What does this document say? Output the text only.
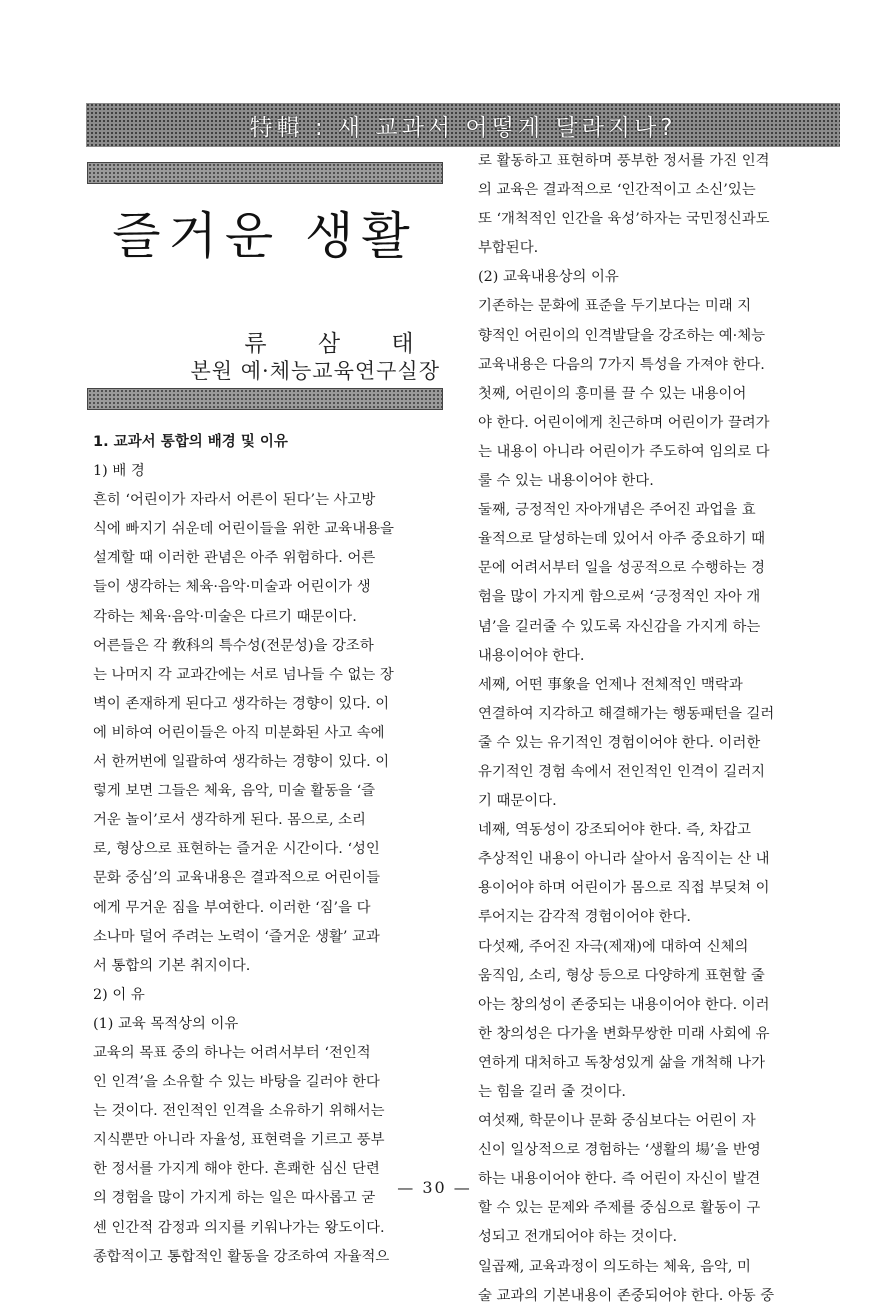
特輯 : 새 교과서 어떻게 달라지나?
즐거운 생활
류 삼 태
본원 예·체능교육연구실장

1. 교과서 통합의 배경 및 이유

1) 배 경

흔히 ‘어린이가 자라서 어른이 된다’는 사고방

식에 빠지기 쉬운데 어린이들을 위한 교육내용을

설계할 때 이러한 관념은 아주 위험하다. 어른

들이 생각하는 체육·음악·미술과 어린이가 생

각하는 체육·음악·미술은 다르기 때문이다.

어른들은 각 敎科의 특수성(전문성)을 강조하

는 나머지 각 교과간에는 서로 넘나들 수 없는 장

벽이 존재하게 된다고 생각하는 경향이 있다. 이

에 비하여 어린이들은 아직 미분화된 사고 속에

서 한꺼번에 일괄하여 생각하는 경향이 있다. 이

렇게 보면 그들은 체육, 음악, 미술 활동을 ‘즐

거운 놀이’로서 생각하게 된다. 몸으로, 소리

로, 형상으로 표현하는 즐거운 시간이다. ‘성인

문화 중심’의 교육내용은 결과적으로 어린이들

에게 무거운 짐을 부여한다. 이러한 ‘짐’을 다

소나마 덜어 주려는 노력이 ‘즐거운 생활’ 교과

서 통합의 기본 취지이다.

2) 이 유

(1) 교육 목적상의 이유

교육의 목표 중의 하나는 어려서부터 ‘전인적

인 인격’을 소유할 수 있는 바탕을 길러야 한다

는 것이다. 전인적인 인격을 소유하기 위해서는

지식뿐만 아니라 자율성, 표현력을 기르고 풍부

한 정서를 가지게 해야 한다. 흔쾌한 심신 단련

의 경험을 많이 가지게 하는 일은 따사롭고 굳

센 인간적 감정과 의지를 키워나가는 왕도이다.

종합적이고 통합적인 활동을 강조하여 자율적으

로 활동하고 표현하며 풍부한 정서를 가진 인격

의 교육은 결과적으로 ‘인간적이고 소신’있는

또 ‘개척적인 인간을 육성’하자는 국민정신과도

부합된다.

(2) 교육내용상의 이유

기존하는 문화에 표준을 두기보다는 미래 지

향적인 어린이의 인격발달을 강조하는 예·체능

교육내용은 다음의 7가지 특성을 가져야 한다.

첫째, 어린이의 흥미를 끌 수 있는 내용이어

야 한다. 어린이에게 친근하며 어린이가 끌려가

는 내용이 아니라 어린이가 주도하여 임의로 다

룰 수 있는 내용이어야 한다.

둘째, 긍정적인 자아개념은 주어진 과업을 효

율적으로 달성하는데 있어서 아주 중요하기 때

문에 어려서부터 일을 성공적으로 수행하는 경

험을 많이 가지게 함으로써 ‘긍정적인 자아 개

념’을 길러줄 수 있도록 자신감을 가지게 하는

내용이어야 한다.

세째, 어떤 事象을 언제나 전체적인 맥락과

연결하여 지각하고 해결해가는 행동패턴을 길러

줄 수 있는 유기적인 경험이어야 한다. 이러한

유기적인 경험 속에서 전인적인 인격이 길러지

기 때문이다.

네째, 역동성이 강조되어야 한다. 즉, 차갑고

추상적인 내용이 아니라 살아서 움직이는 산 내

용이어야 하며 어린이가 몸으로 직접 부딪쳐 이

루어지는 감각적 경험이어야 한다.

다섯째, 주어진 자극(제재)에 대하여 신체의

움직임, 소리, 형상 등으로 다양하게 표현할 줄

아는 창의성이 존중되는 내용이어야 한다. 이러

한 창의성은 다가올 변화무쌍한 미래 사회에 유

연하게 대처하고 독창성있게 삶을 개척해 나가

는 힘을 길러 줄 것이다.

여섯째, 학문이나 문화 중심보다는 어린이 자

신이 일상적으로 경험하는 ‘생활의 場’을 반영

하는 내용이어야 한다. 즉 어린이 자신이 발견

할 수 있는 문제와 주제를 중심으로 활동이 구

성되고 전개되어야 하는 것이다.

일곱째, 교육과정이 의도하는 체육, 음악, 미

술 교과의 기본내용이 존중되어야 한다. 아동 중

— 30 —
